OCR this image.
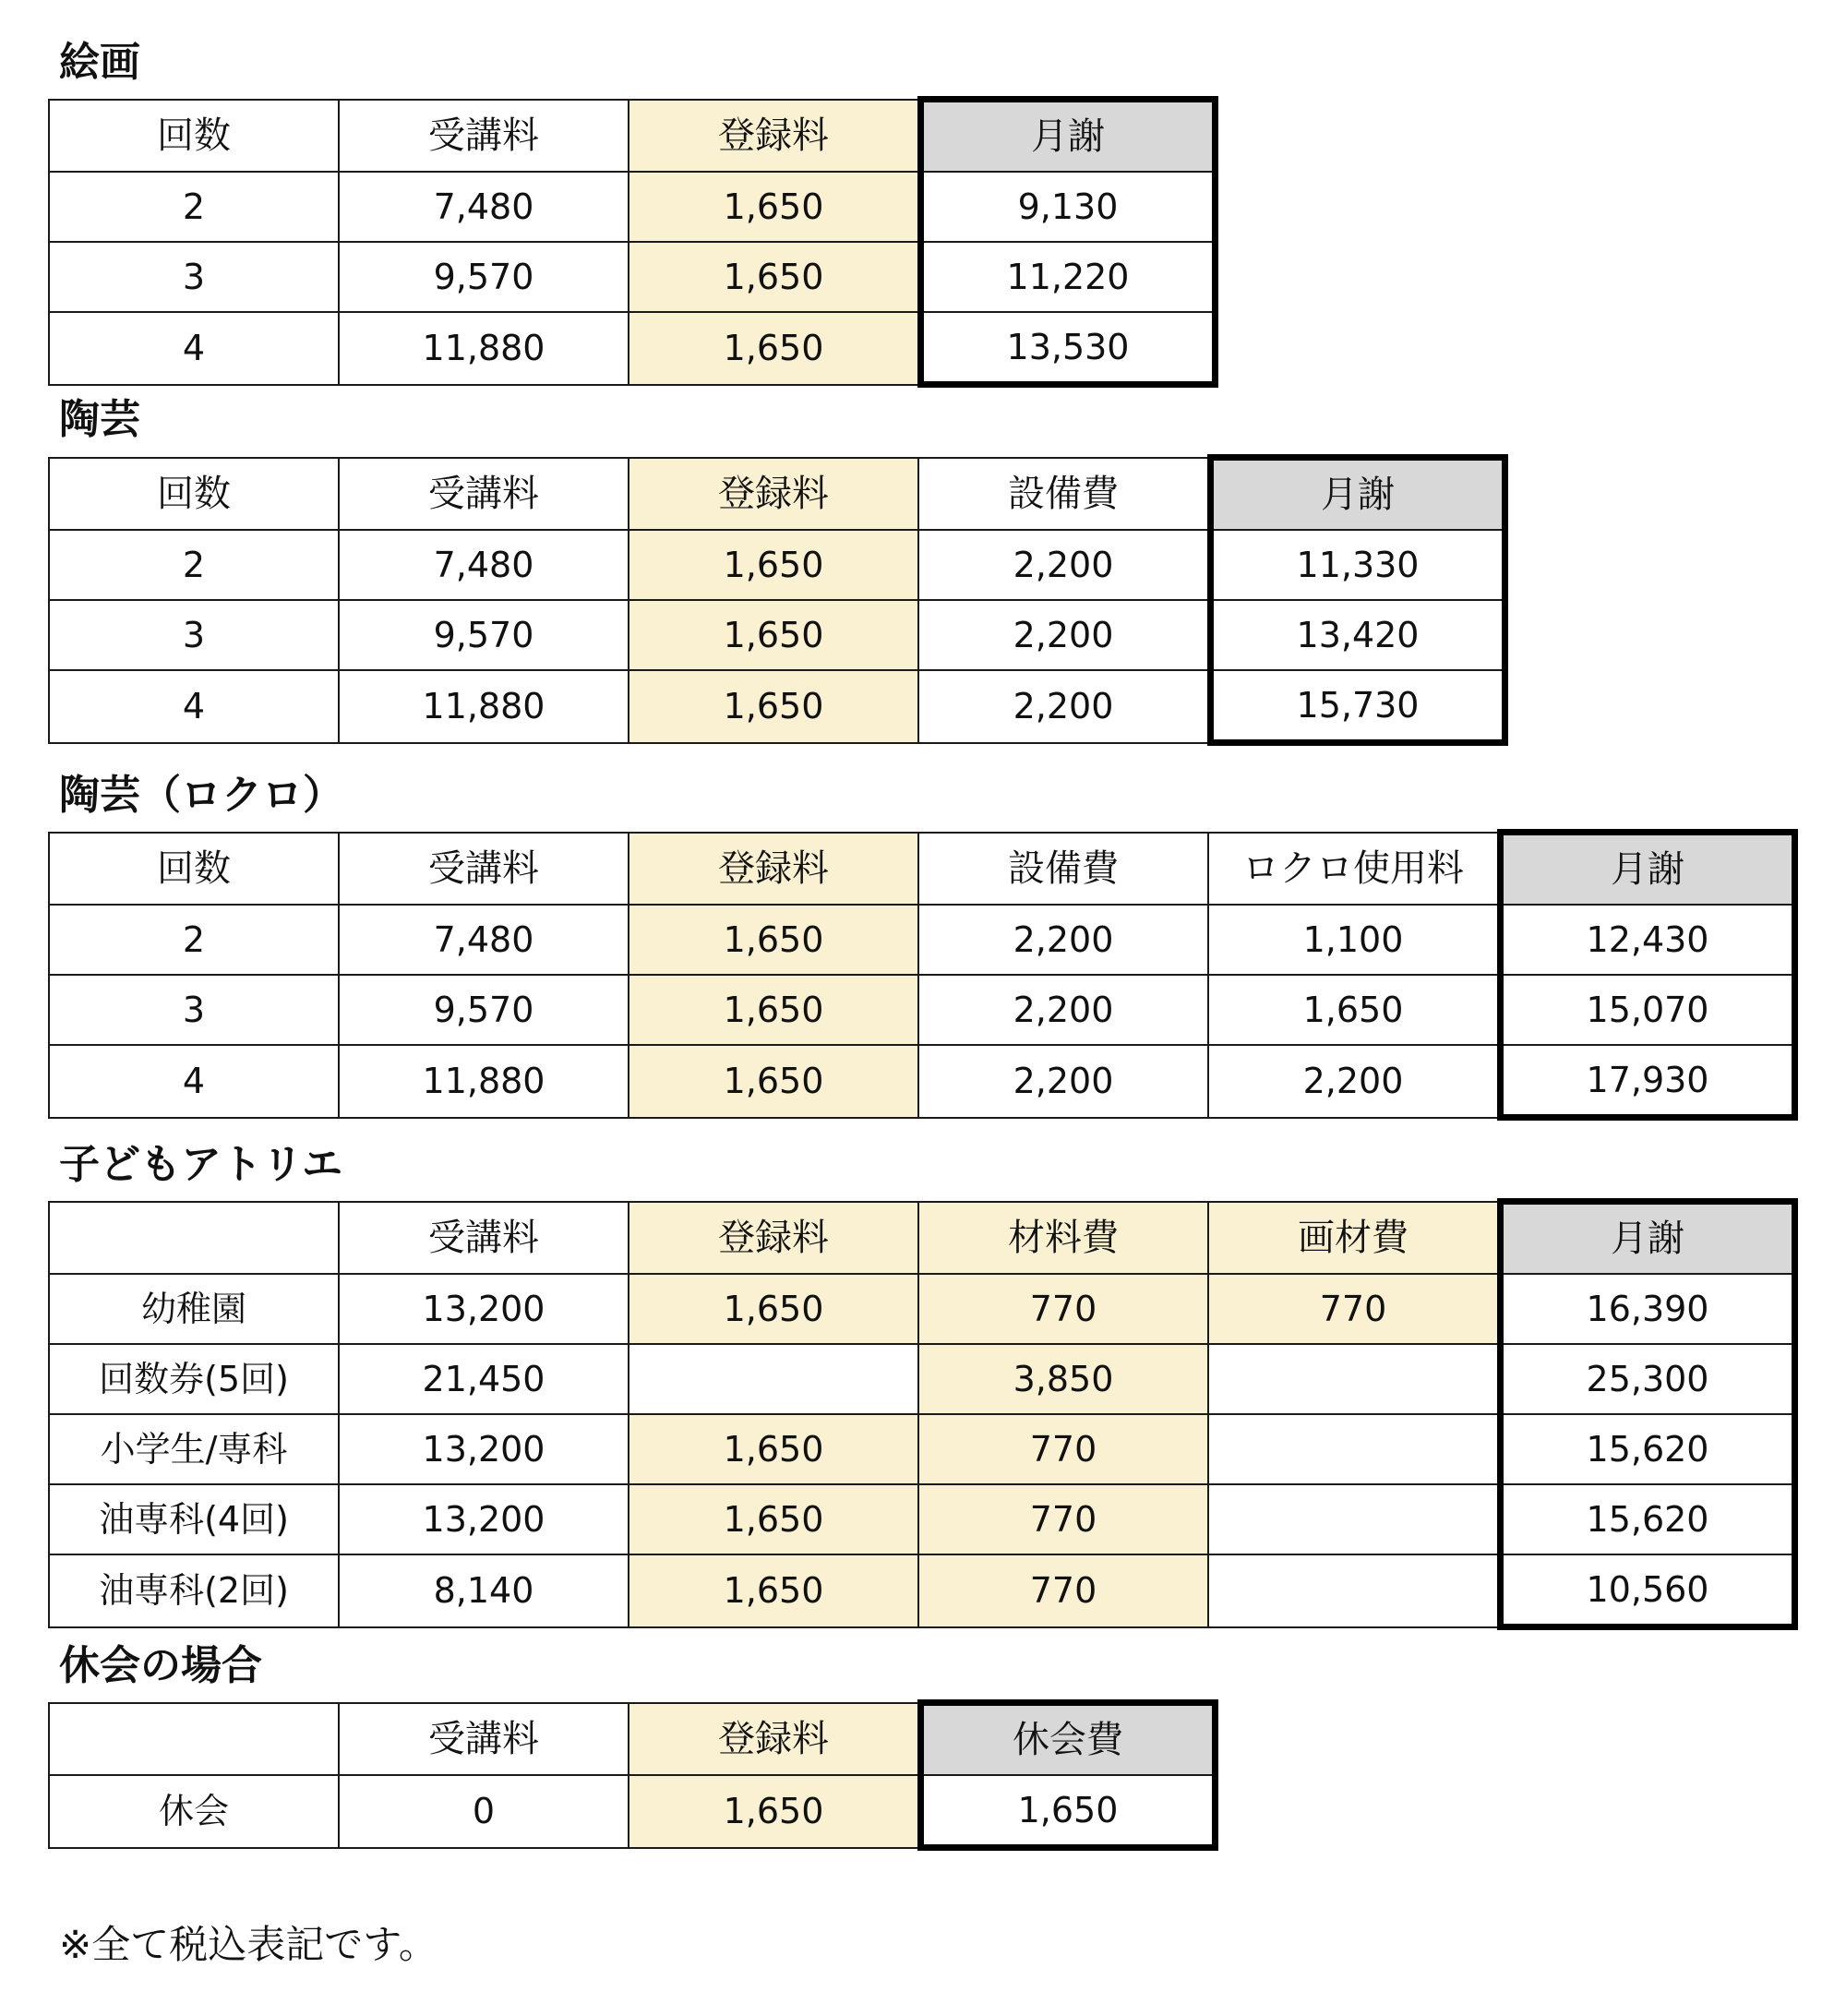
絵画
回数	受講料	登録料	月謝
2	7,480	1,650	9,130
3	9,570	1,650	11,220
4	11,880	1,650	13,530
陶芸
回数	受講料	登録料	設備費	月謝
2	7,480	1,650	2,200	11,330
3	9,570	1,650	2,200	13,420
4	11,880	1,650	2,200	15,730
陶芸（ロクロ）
回数	受講料	登録料	設備費	ロクロ使用料	月謝
2	7,480	1,650	2,200	1,100	12,430
3	9,570	1,650	2,200	1,650	15,070
4	11,880	1,650	2,200	2,200	17,930
子どもアトリエ
	受講料	登録料	材料費	画材費	月謝
幼稚園	13,200	1,650	770	770	16,390
回数券(5回)	21,450		3,850		25,300
小学生/専科	13,200	1,650	770		15,620
油専科(4回)	13,200	1,650	770		15,620
油専科(2回)	8,140	1,650	770		10,560
休会の場合
	受講料	登録料	休会費
休会	0	1,650	1,650

※全て税込表記です。
